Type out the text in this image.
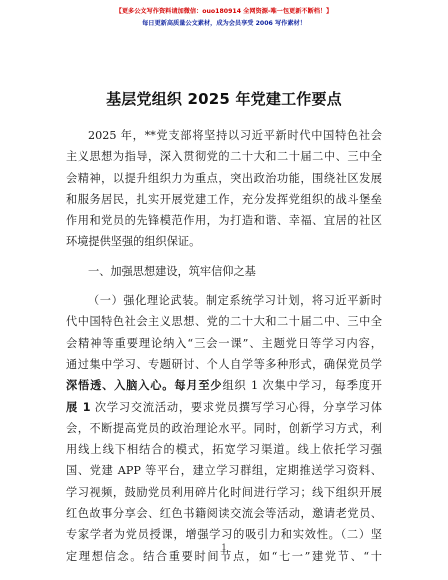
【更多公文写作资料请加微信：ouo180914 全网资源-唯一包更新不断档！】
每日更新高质量公文素材，成为会员享受 2006 写作素材！
基层党组织 2025 年党建工作要点
2025 年，**党支部将坚持以习近平新时代中国特色社会
主义思想为指导，深入贯彻党的二十大和二十届二中、三中全
会精神，以提升组织力为重点，突出政治功能，围绕社区发展
和服务居民，扎实开展党建工作，充分发挥党组织的战斗堡垒
作用和党员的先锋模范作用，为打造和谐、幸福、宜居的社区
环境提供坚强的组织保证。
一、加强思想建设，筑牢信仰之基
（一）强化理论武装。制定系统学习计划，将习近平新时
代中国特色社会主义思想、党的二十大和二十届二中、三中全
会精神等重要理论纳入“三会一课”、主题党日等学习内容，
通过集中学习、专题研讨、个人自学等多种形式，确保党员学
深悟透、入脑入心。每月至少组织 1 次集中学习，每季度开
展 1 次学习交流活动，要求党员撰写学习心得，分享学习体
会，不断提高党员的政治理论水平。同时，创新学习方式，利
用线上线下相结合的模式，拓宽学习渠道。线上依托学习强
国、党建 APP 等平台，建立学习群组，定期推送学习资料、
学习视频，鼓励党员利用碎片化时间进行学习；线下组织开展
红色故事分享会、红色书籍阅读交流会等活动，邀请老党员、
专家学者为党员授课，增强学习的吸引力和实效性。（二）坚
定理想信念。结合重要时间节点，如“七一”建党节、“十
1
